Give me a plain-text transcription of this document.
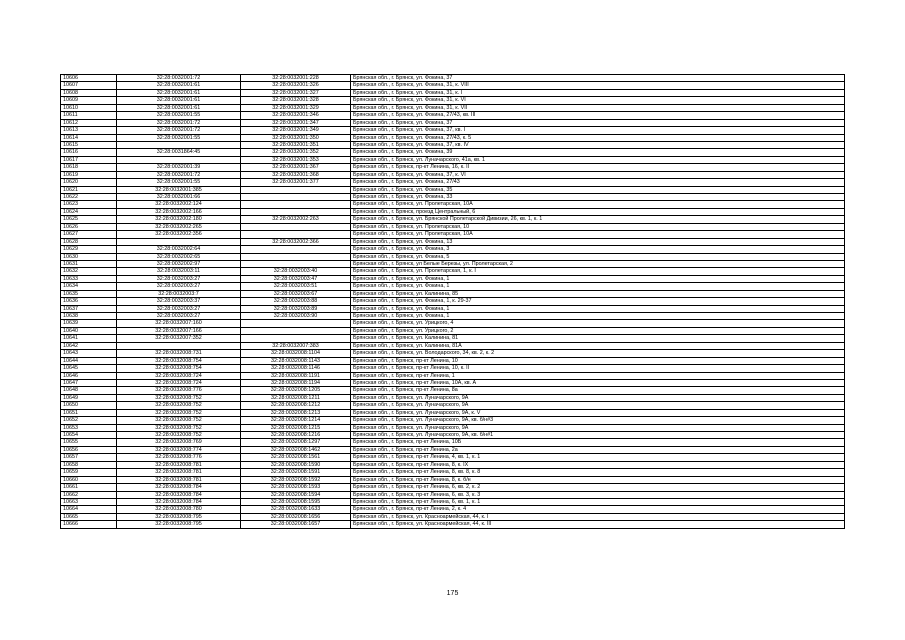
10606	32:28:0032001:72	32:28:0032001:228	Брянская обл., г. Брянск, ул. Фокина, 37
10607	32:28:0032001:61	32:28:0032001:326	Брянская обл., г. Брянск, ул. Фокина, 31, к. VIII
10608	32:28:0032001:61	32:28:0032001:327	Брянская обл., г. Брянск, ул. Фокина, 31, к. I
10609	32:28:0032001:61	32:28:0032001:328	Брянская обл., г. Брянск, ул. Фокина, 31, к. VI
10610	32:28:0032001:61	32:28:0032001:329	Брянская обл., г. Брянск, ул. Фокина, 31, к. VII
10611	32:28:0032001:55	32:28:0032001:346	Брянская обл., г. Брянск, ул. Фокина, 27/43, кв. III
10612	32:28:0032001:72	32:28:0032001:347	Брянская обл., г. Брянск, ул. Фокина, 37
10613	32:28:0032001:72	32:28:0032001:349	Брянская обл., г. Брянск, ул. Фокина, 37, кв. I
10614	32:28:0032001:55	32:28:0032001:350	Брянская обл., г. Брянск, ул. Фокина, 27/43, к. 5
10615		32:28:0032001:351	Брянская обл., г. Брянск, ул. Фокина, 37, кв. IV
10616	32:28:0031864:45	32:28:0032001:352	Брянская обл., г. Брянск, ул. Фокина, 39
10617		32:28:0032001:353	Брянская обл., г. Брянск, ул. Луначарского, 41а, кв. 1
10618	32:28:0032001:39	32:28:0032001:367	Брянская обл., г. Брянск, пр-кт Ленина, 16, к. II
10619	32:28:0032001:72	32:28:0032001:368	Брянская обл., г. Брянск, ул. Фокина, 37, к. VI
10620	32:28:0032001:55	32:28:0032001:377	Брянская обл., г. Брянск, ул. Фокина, 27/43
10621	32:28:0032001:385		Брянская обл., г. Брянск, ул. Фокина, 35
10622	32:28:0032001:66		Брянская обл., г. Брянск, ул. Фокина, 33
10623	32:28:0032002:124		Брянская обл., г. Брянск, ул. Пролетарская, 10А
10624	32:28:0032002:166		Брянская обл., г. Брянск, проезд Центральный, 6
10625	32:28:0032002:180	32:28:0032002:263	Брянская обл., г. Брянск, ул. Брянской Пролетарской Дивизии, 26, кв. 1, к. 1
10626	32:28:0032002:265		Брянская обл., г. Брянск, ул. Пролетарская, 10
10627	32:28:0032002:356		Брянская обл., г. Брянск, ул. Пролетарская, 10А
10628		32:28:0032002:366	Брянская обл., г. Брянск, ул. Фокина, 13
10629	32:28:0032002:64		Брянская обл., г. Брянск, ул. Фокина, 3
10630	32:28:0032002:65		Брянская обл., г. Брянск, ул. Фокина, 5
10631	32:28:0032002:97		Брянская обл., г. Брянск, ул Белые Березы, ул. Пролетарская, 2
10632	32:28:0032003:11	32:28:0032003:40	Брянская обл., г. Брянск, ул. Пролетарская, 1, к. I
10633	32:28:0032003:27	32:28:0032003:47	Брянская обл., г. Брянск, ул. Фокина, 1
10634	32:28:0032003:27	32:28:0032003:51	Брянская обл., г. Брянск, ул. Фокина, 1
10635	32:28:0032003:7	32:28:0032003:67	Брянская обл., г. Брянск, ул. Калинина, 85
10636	32:28:0032003:37	32:28:0032003:88	Брянская обл., г. Брянск, ул. Фокина, 1, к. 29-37
10637	32:28:0032003:27	32:28:0032003:89	Брянская обл., г. Брянск, ул. Фокина, 1
10638	32:28:0032003:27	32:28:0032003:90	Брянская обл., г. Брянск, ул. Фокина, 1
10639	32:28:0032007:160		Брянская обл., г. Брянск, ул. Урицкого, 4
10640	32:28:0032007:166		Брянская обл., г. Брянск, ул. Урицкого, 2
10641	32:28:0032007:352		Брянская обл., г. Брянск, ул. Калинина, 81
10642		32:28:0032007:383	Брянская обл., г. Брянск, ул. Калинина, 81А
10643	32:28:0032008:731	32:28:0032008:1104	Брянская обл., г. Брянск, ул. Володарского, 34, кв. 2, к. 2
10644	32:28:0032008:754	32:28:0032008:1143	Брянская обл., г. Брянск, пр-кт Ленина, 10
10645	32:28:0032008:754	32:28:0032008:1146	Брянская обл., г. Брянск, пр-кт Ленина, 10, к. II
10646	32:28:0032008:724	32:28:0032008:1191	Брянская обл., г. Брянск, пр-кт Ленина, 1
10647	32:28:0032008:724	32:28:0032008:1194	Брянская обл., г. Брянск, пр-кт Ленина, 10А, кв. А
10648	32:28:0032008:776	32:28:0032008:1205	Брянская обл., г. Брянск, пр-кт Ленина, 8а
10649	32:28:0032008:752	32:28:0032008:1211	Брянская обл., г. Брянск, ул. Луначарского, 9А
10650	32:28:0032008:752	32:28:0032008:1212	Брянская обл., г. Брянск, ул. Луначарского, 9А
10651	32:28:0032008:752	32:28:0032008:1213	Брянская обл., г. Брянск, ул. Луначарского, 9А, к. V
10652	32:28:0032008:752	32:28:0032008:1214	Брянская обл., г. Брянск, ул. Луначарского, 9А, кв. б/н#3
10653	32:28:0032008:752	32:28:0032008:1215	Брянская обл., г. Брянск, ул. Луначарского, 9А
10654	32:28:0032008:752	32:28:0032008:1216	Брянская обл., г. Брянск, ул. Луначарского, 9А, кв. б/н#1
10655	32:28:0032008:769	32:28:0032008:1297	Брянская обл., г. Брянск, пр-кт Ленина, 10Б
10656	32:28:0032008:774	32:28:0032008:1462	Брянская обл., г. Брянск, пр-кт Ленина, 2а
10657	32:28:0032008:776	32:28:0032008:1561	Брянская обл., г. Брянск, пр-кт Ленина, 4, кв. 1, к. 1
10658	32:28:0032008:781	32:28:0032008:1590	Брянская обл., г. Брянск, пр-кт Ленина, 8, к. IX
10659	32:28:0032008:781	32:28:0032008:1591	Брянская обл., г. Брянск, пр-кт Ленина, 8, кв. 8, к. 8
10660	32:28:0032008:781	32:28:0032008:1592	Брянская обл., г. Брянск, пр-кт Ленина, 8, к. б/н
10661	32:28:0032008:784	32:28:0032008:1593	Брянская обл., г. Брянск, пр-кт Ленина, 6, кв. 2, к. 2
10662	32:28:0032008:784	32:28:0032008:1594	Брянская обл., г. Брянск, пр-кт Ленина, 6, кв. 3, к. 3
10663	32:28:0032008:784	32:28:0032008:1595	Брянская обл., г. Брянск, пр-кт Ленина, 6, кв. 1, к. 1
10664	32:28:0032008:780	32:28:0032008:1633	Брянская обл., г. Брянск, пр-кт Ленина, 2, к. 4
10665	32:28:0032008:795	32:28:0032008:1656	Брянская обл., г. Брянск, ул. Красноармейская, 44, к. I
10666	32:28:0032008:795	32:28:0032008:1657	Брянская обл., г. Брянск, ул. Красноармейская, 44, к. III
175
